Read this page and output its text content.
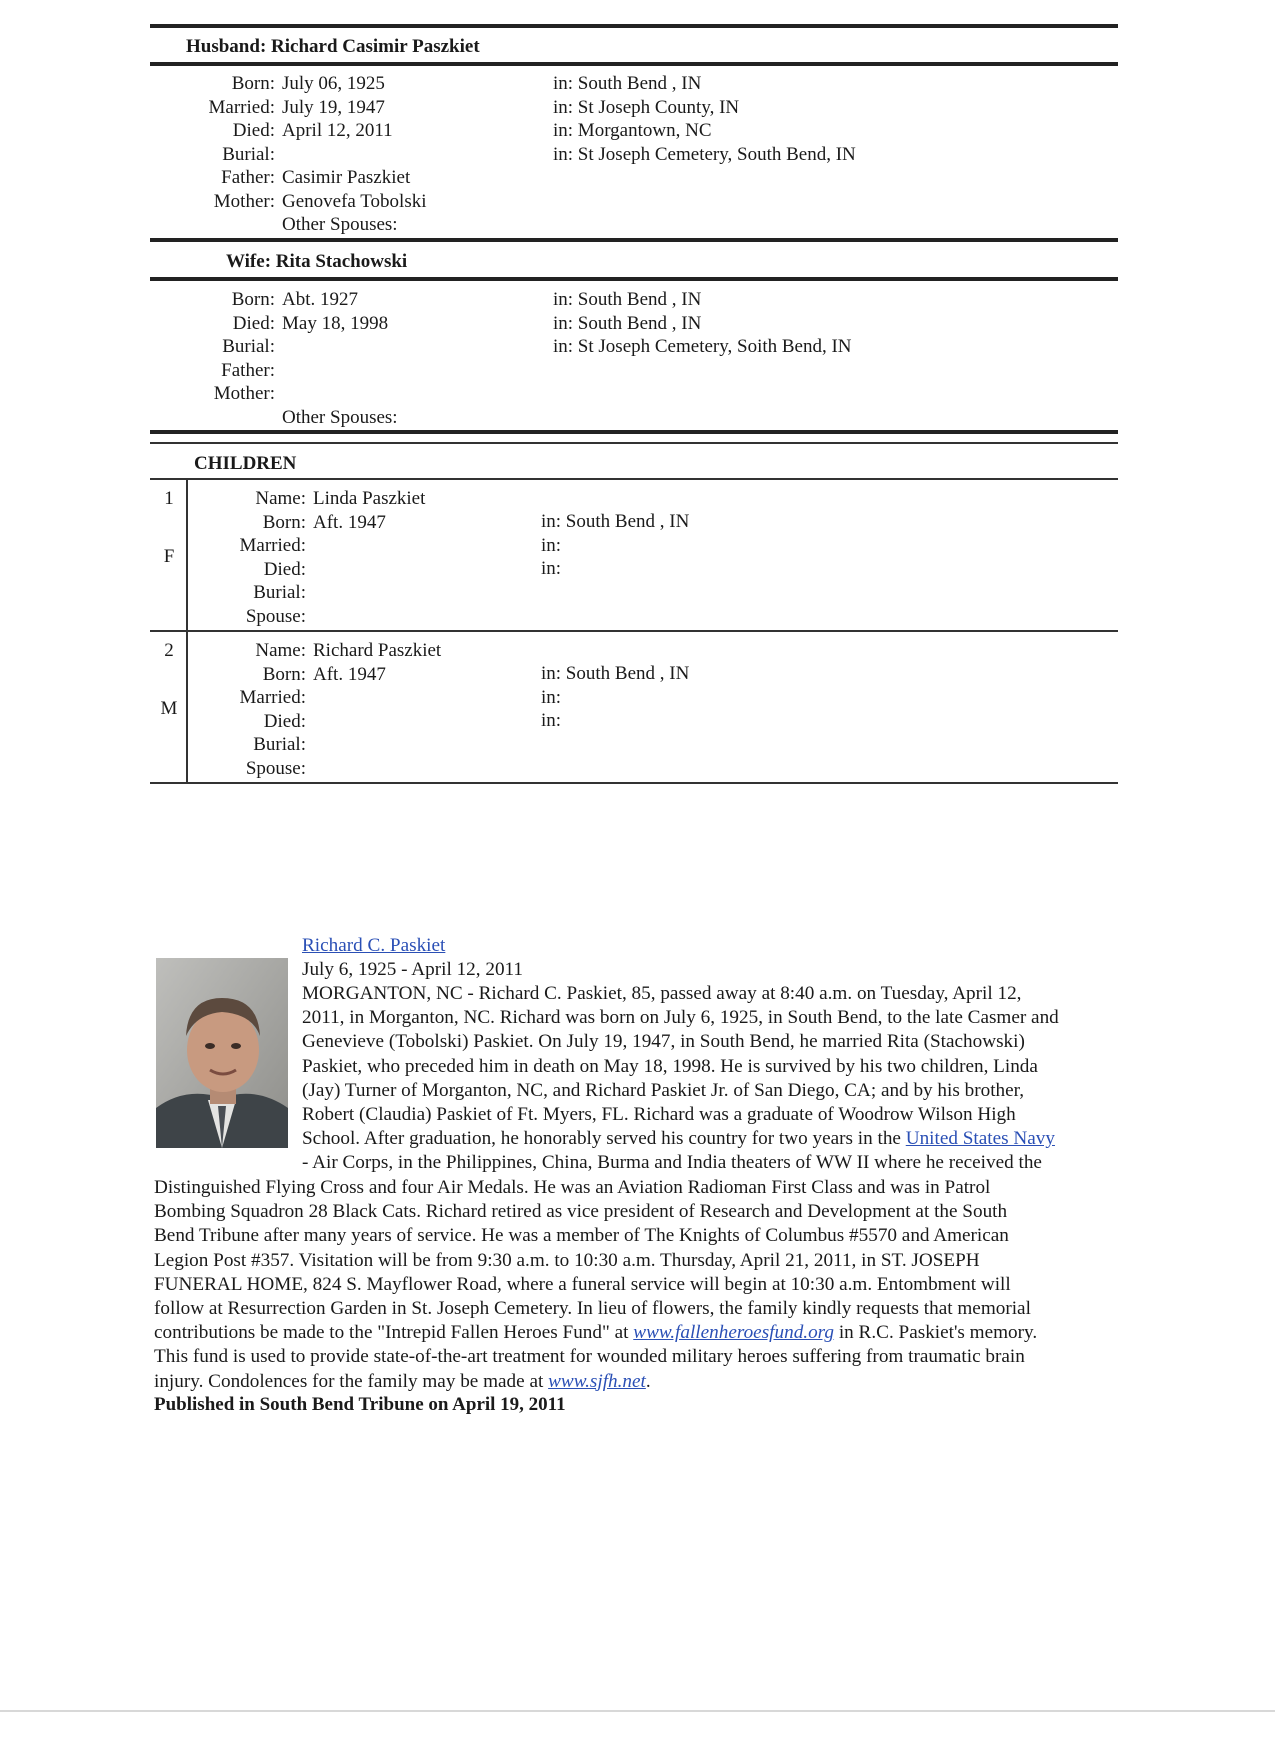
Husband: Richard Casimir Paszkiet
Born:
Married:
Died:
Burial:
Father:
Mother:
July 06, 1925
July 19, 1947
April 12, 2011
Casimir Paszkiet
Genovefa Tobolski
Other Spouses:
in: South Bend , IN
in: St Joseph County, IN
in: Morgantown, NC
in: St Joseph Cemetery, South Bend, IN
Wife: Rita Stachowski
Born:
Died:
Burial:
Father:
Mother:
Abt. 1927
May 18, 1998
Other Spouses:
in: South Bend , IN
in: South Bend , IN
in: St Joseph Cemetery, Soith Bend, IN
CHILDREN
1
F
Name:
Born:
Married:
Died:
Burial:
Spouse:
Linda Paszkiet
Aft. 1947	in: South Bend , IN
in:
in:
2
M
Name:
Born:
Married:
Died:
Burial:
Spouse:
Richard Paszkiet
Aft. 1947	in: South Bend , IN
in:
in:
Richard C. Paskiet
July 6, 1925 - April 12, 2011
MORGANTON, NC - Richard C. Paskiet, 85, passed away at 8:40 a.m. on Tuesday, April 12,
2011, in Morganton, NC. Richard was born on July 6, 1925, in South Bend, to the late Casmer and
Genevieve (Tobolski) Paskiet. On July 19, 1947, in South Bend, he married Rita (Stachowski)
Paskiet, who preceded him in death on May 18, 1998. He is survived by his two children, Linda
(Jay) Turner of Morganton, NC, and Richard Paskiet Jr. of San Diego, CA; and by his brother,
Robert (Claudia) Paskiet of Ft. Myers, FL. Richard was a graduate of Woodrow Wilson High
School. After graduation, he honorably served his country for two years in the United States Navy
- Air Corps, in the Philippines, China, Burma and India theaters of WW II where he received the
Distinguished Flying Cross and four Air Medals. He was an Aviation Radioman First Class and was in Patrol
Bombing Squadron 28 Black Cats. Richard retired as vice president of Research and Development at the South
Bend Tribune after many years of service. He was a member of The Knights of Columbus #5570 and American
Legion Post #357. Visitation will be from 9:30 a.m. to 10:30 a.m. Thursday, April 21, 2011, in ST. JOSEPH
FUNERAL HOME, 824 S. Mayflower Road, where a funeral service will begin at 10:30 a.m. Entombment will
follow at Resurrection Garden in St. Joseph Cemetery. In lieu of flowers, the family kindly requests that memorial
contributions be made to the "Intrepid Fallen Heroes Fund" at www.fallenheroesfund.org in R.C. Paskiet's memory.
This fund is used to provide state-of-the-art treatment for wounded military heroes suffering from traumatic brain
injury. Condolences for the family may be made at www.sjfh.net.
Published in South Bend Tribune on April 19, 2011
